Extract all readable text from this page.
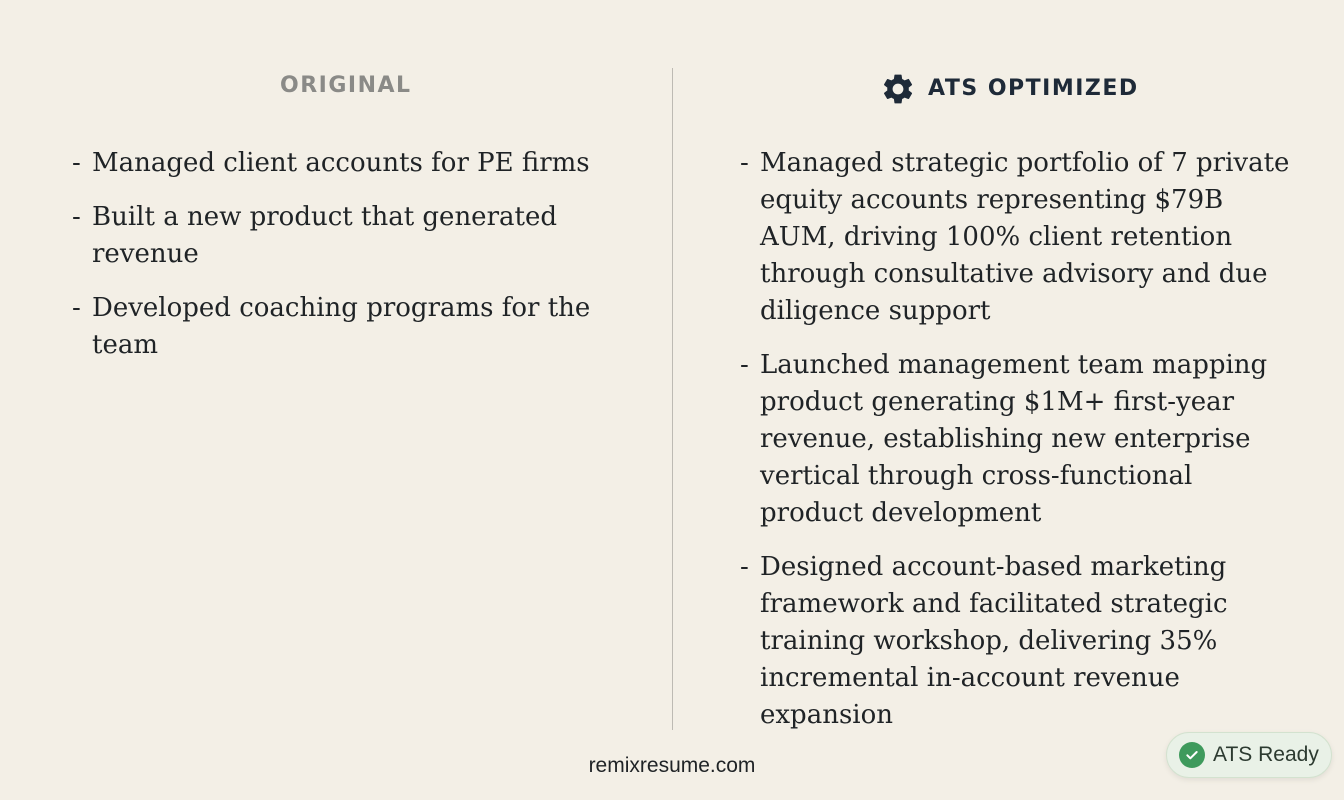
ORIGINAL	ATS OPTIMIZED
- Managed client accounts for PE firms
- Built a new product that generated revenue
- Developed coaching programs for the team
- Managed strategic portfolio of 7 private equity accounts representing $79B AUM, driving 100% client retention through consultative advisory and due diligence support
- Launched management team mapping product generating $1M+ first-year revenue, establishing new enterprise vertical through cross-functional product development
- Designed account-based marketing framework and facilitated strategic training workshop, delivering 35% incremental in-account revenue expansion
remixresume.com	ATS Ready
